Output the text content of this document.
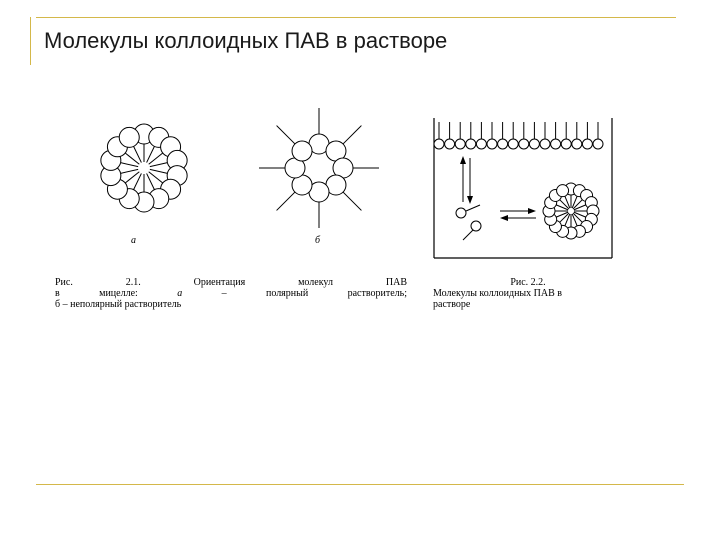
Молекулы коллоидных ПАВ в растворе
а	б
Рис.	2.1.	Ориентация	молекул	ПАВ
в	мицелле:	а	–	полярный	растворитель;
б – неполярный растворитель
Рис. 2.2.
Молекулы коллоидных ПАВ в
растворе
